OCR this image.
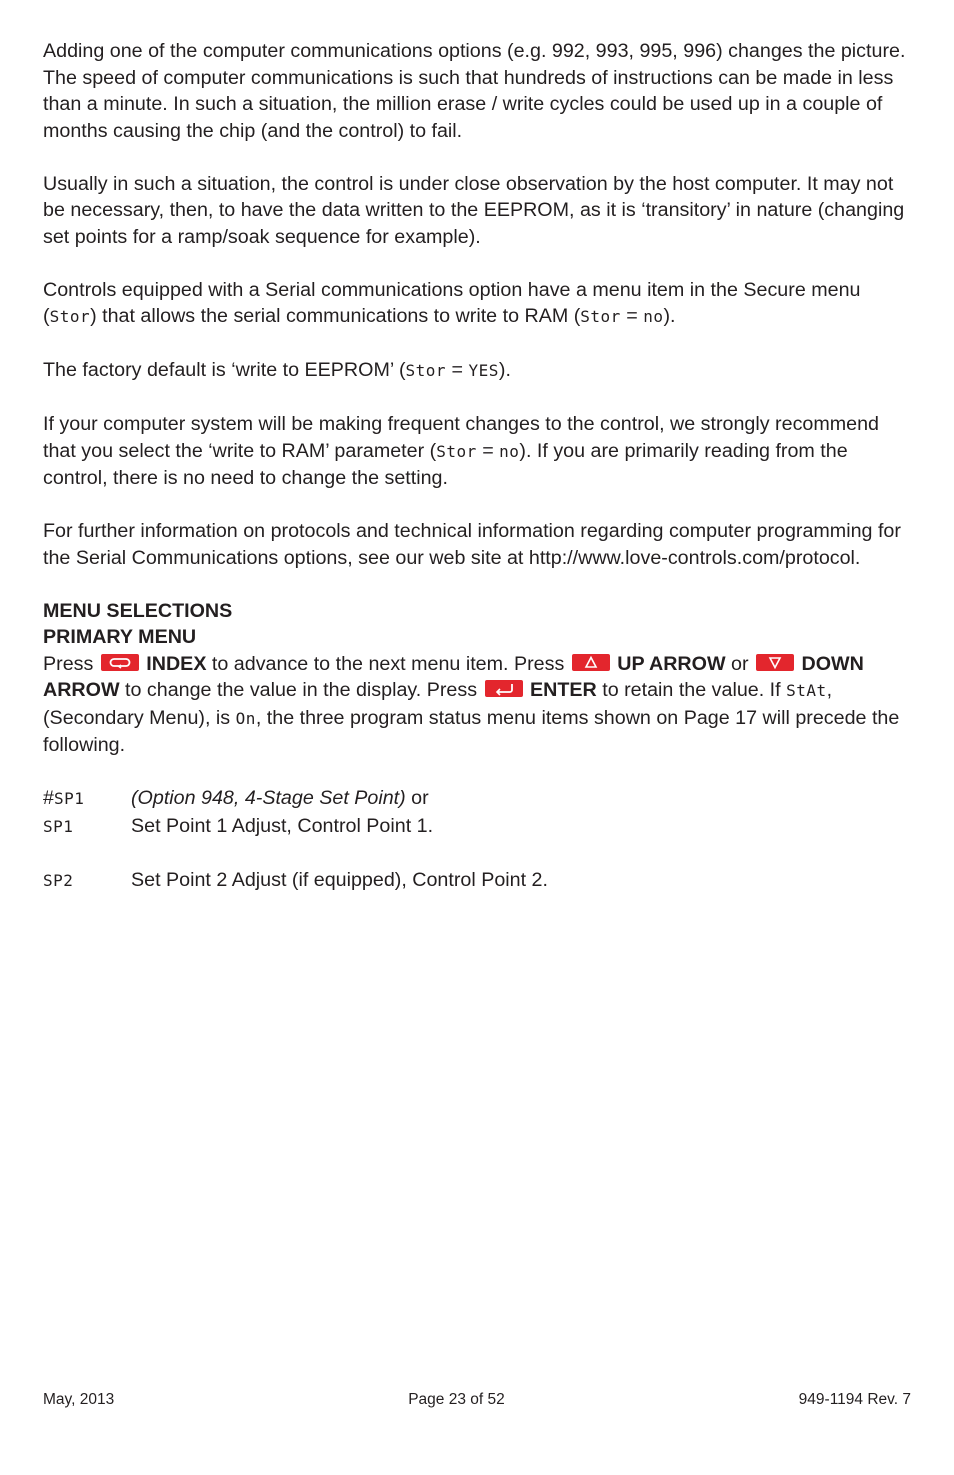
Adding one of the computer communications options (e.g. 992, 993, 995, 996) changes the picture. The speed of computer communications is such that hundreds of instructions can be made in less than a minute. In such a situation, the million erase / write cycles could be used up in a couple of months causing the chip (and the control) to fail.

Usually in such a situation, the control is under close observation by the host computer. It may not be necessary, then, to have the data written to the EEPROM, as it is ‘transitory’ in nature (changing set points for a ramp/soak sequence for example).

Controls equipped with a Serial communications option have a menu item in the Secure menu (Stor) that allows the serial communications to write to RAM (Stor = no).

The factory default is ‘write to EEPROM’ (Stor = YES).

If your computer system will be making frequent changes to the control, we strongly recommend that you select the ‘write to RAM’ parameter (Stor = no). If you are primarily reading from the control, there is no need to change the setting.

For further information on protocols and technical information regarding computer programming for the Serial Communications options, see our web site at http://www.love-controls.com/protocol.

MENU SELECTIONS
PRIMARY MENU
Press
INDEX to advance to the next menu item. Press
UP ARROW or
DOWN ARROW to change the value in the display. Press
ENTER to retain the value. If StAt, (Secondary Menu), is On, the three program status menu items shown on Page 17 will precede the following.

#SP1	(Option 948, 4-Stage Set Point) or
SP1	Set Point 1 Adjust, Control Point 1.
SP2	Set Point 2 Adjust (if equipped), Control Point 2.
May, 2013	Page 23 of 52	949-1194 Rev. 7
